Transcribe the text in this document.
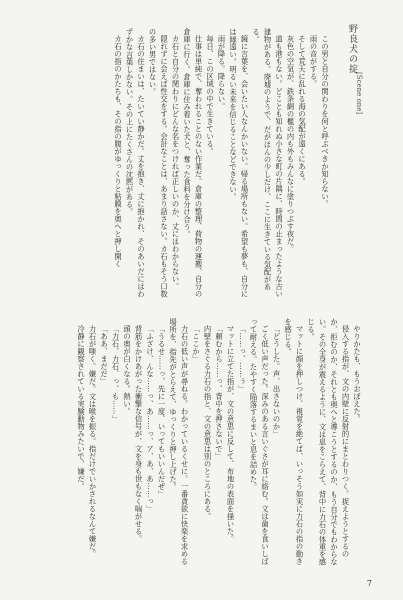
野良犬の掟
[Scene one]

この男と自分の関わりを何と呼ぶべきか知らない。

雨の音がする。

そして荒天に乱れる海の気配が遠くにある。

灰色の空気が、鉄条網の檻の内も外もみんなに塗りつぶす夜だ。

道も港もない。どことも知れぬ小さな町の片隅に、時間の止まったような古い建物がある。廃墟のようで、だがほんの少しだけ、ここに生きている気配がある。

鏡に言葉を、会いたい人なんかいない。帰る場所もない。希望も夢も、自分には縁遠い。明るい未来を信じることなどできない。

雨が降る。降らない。

毎日、この区域の中で生きている。

仕事は単純で、奪われることのない作業だ。倉庫の整理、荷物の運搬、自分の倉庫に行く。倉庫に住み着いた犬と、奪った食料を分け合う。

カ石と自分の関わりにどんな名をつければ正しいのか、丈にはわからない。

隠れずに会えば性交をする。会計なことは、あまり話さない。カ石もそう口数の多い男ではない。

カ石の住まいは、たいてい静かだ。丈を抱き、丈に抱かれ、そのあいだにはわずかな言葉しかない。その上にたくさんの沈黙がある。

カ石の指のかたちも、その指の腹がゆっくりと粘膜を奥へと押し開く

やりかたも、もうおぼえた。

侵入する指が、文の内壁に反射的にまとわりつく。捉えようとするのか、拒むのか、それとも奥へと導こうとするのか、もう自分でもわからない。その全身が震えるように、文は息をこらえて、背中に力石の体重を感じる。

マットに顔を押しつけ、視覚を絶てば、いっそう如実に力石の指の動きを感じる。

「どうした。声、出さないのか」

ごく低い声だった。深みのある言いぐさが耳に絡む。文は歯を食いしばって耐える。たやすく陥落するまいと息を詰めた。

「……っ、……ぅ」

マットに立てた指が、文の意思に反して、布地の表面を掻いた。

「頼むから……っ、背中を押さないで」

内壁をさぐる力石の指と、文の意思は別のところにある。

「ここか」

力石の低い声が尋ねる。わかっているくせに。一番貪欲に快楽を求める場所を、指先がとらえて、ゆっくりと押し上げた。

「うるせ……っ、先に一度、いってもいいんだぜ」

「ふざけ、んな……っ、あ……っ、ア、あ、あ……っ」

背筋をかけあがった衝撃な信号が、文を身も世もなく喘がせる。

頭の奥が白くなる。熱い。

「力石、力石、っ、も……」

「ああ、まだだ」

力石が嗤く。嫌だ。文は喉を振る。指だけでいかされるなんて嫌だ。

冷静に観察されている実験動物みたいで、嫌だ。

7
